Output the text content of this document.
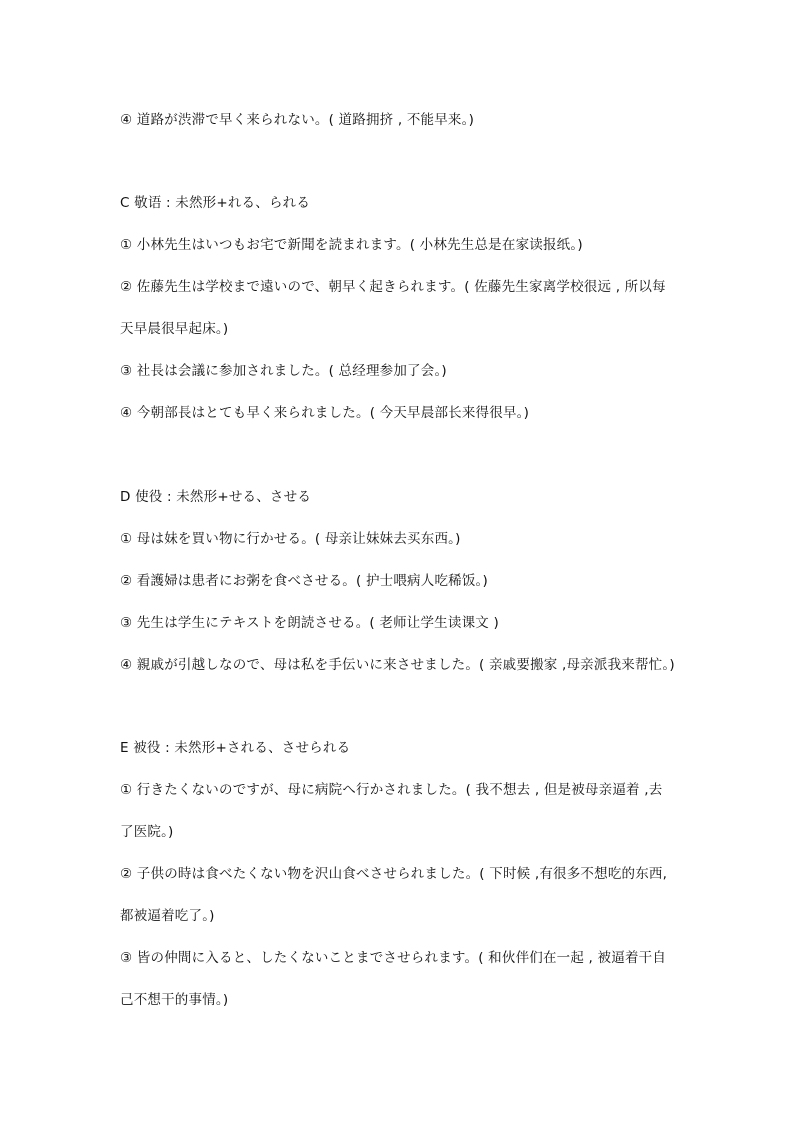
④ 道路が渋滞で早く来られない。( 道路拥挤 , 不能早来。)
C 敬语 : 未然形+れる、られる
① 小林先生はいつもお宅で新聞を読まれます。( 小林先生总是在家读报纸。)
② 佐藤先生は学校まで遠いので、朝早く起きられます。( 佐藤先生家离学校很远 , 所以每
天早晨很早起床。)
③ 社長は会議に参加されました。( 总经理参加了会。)
④ 今朝部長はとても早く来られました。( 今天早晨部长来得很早。)
D 使役 : 未然形+せる、させる
① 母は妹を買い物に行かせる。( 母亲让妹妹去买东西。)
② 看護婦は患者にお粥を食べさせる。( 护士喂病人吃稀饭。)
③ 先生は学生にテキストを朗読させる。( 老师让学生读课文 )
④ 親戚が引越しなので、母は私を手伝いに来させました。( 亲戚要搬家 ,母亲派我来帮忙。)
E 被役 : 未然形+される、させられる
① 行きたくないのですが、母に病院へ行かされました。( 我不想去 , 但是被母亲逼着 ,去
了医院。)
② 子供の時は食べたくない物を沢山食べさせられました。( 下时候 ,有很多不想吃的东西,
都被逼着吃了。)
③ 皆の仲間に入ると、したくないことまでさせられます。( 和伙伴们在一起 , 被逼着干自
己不想干的事情。)
